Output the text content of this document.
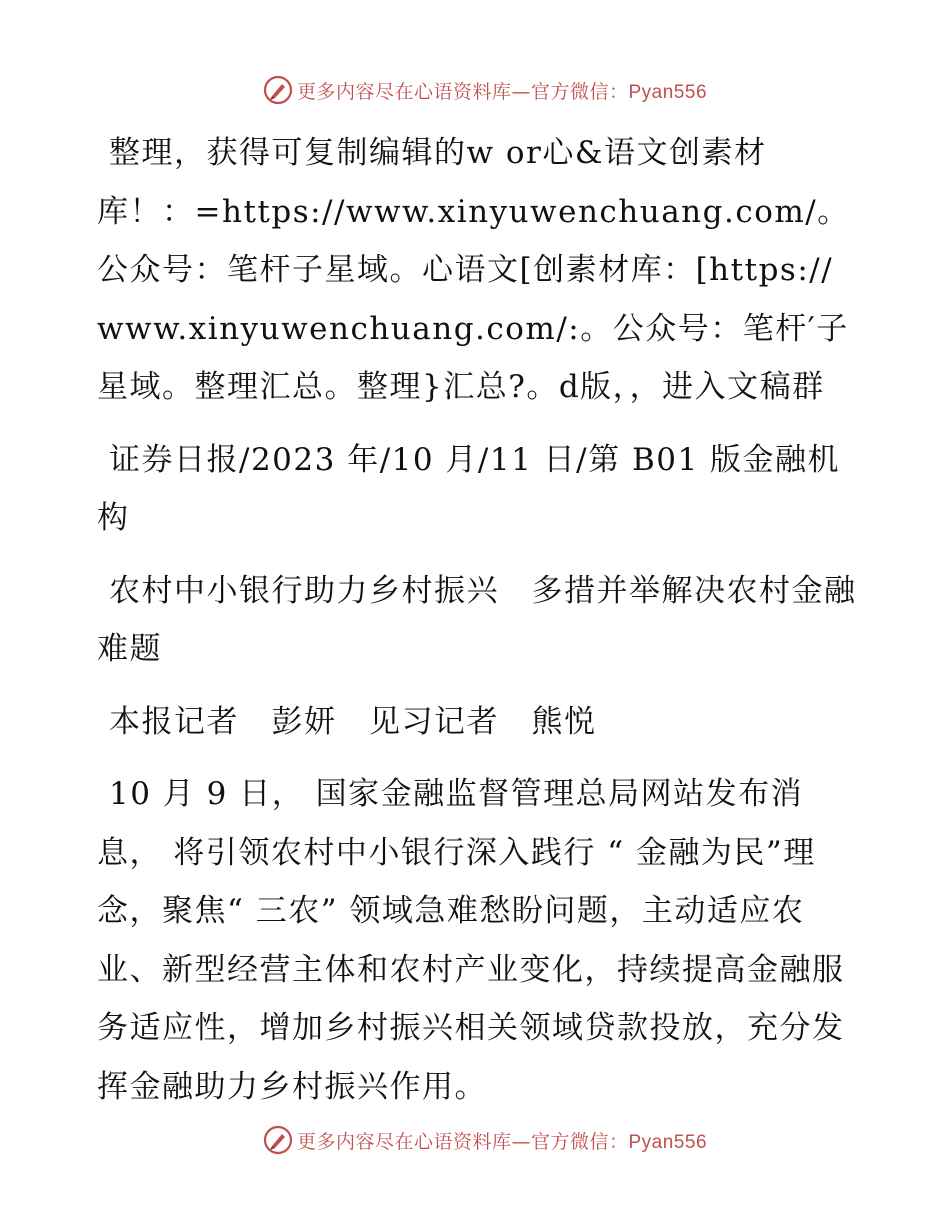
更多内容尽在心语资料库—官方微信：Pyan556

整理，获得可复制编辑的w or心&语文创素材库！：=https://www.xinyuwenchuang.com/。公众号：笔杆子星域。心语文[创素材库：[https://www.xinyuwenchuang.com/:。公众号：笔杆′子星域。整理汇总。整理}汇总?。d版，，进入文稿群

证券日报/2023 年/10 月/11 日/第 B01 版金融机构

农村中小银行助力乡村振兴　多措并举解决农村金融难题

本报记者　彭妍　见习记者　熊悦

10 月 9 日， 国家金融监督管理总局网站发布消息， 将引领农村中小银行深入践行 “ 金融为民”理念，聚焦“ 三农” 领域急难愁盼问题，主动适应农业、新型经营主体和农村产业变化，持续提高金融服务适应性，增加乡村振兴相关领域贷款投放，充分发挥金融助力乡村振兴作用。

更多内容尽在心语资料库—官方微信：Pyan556
